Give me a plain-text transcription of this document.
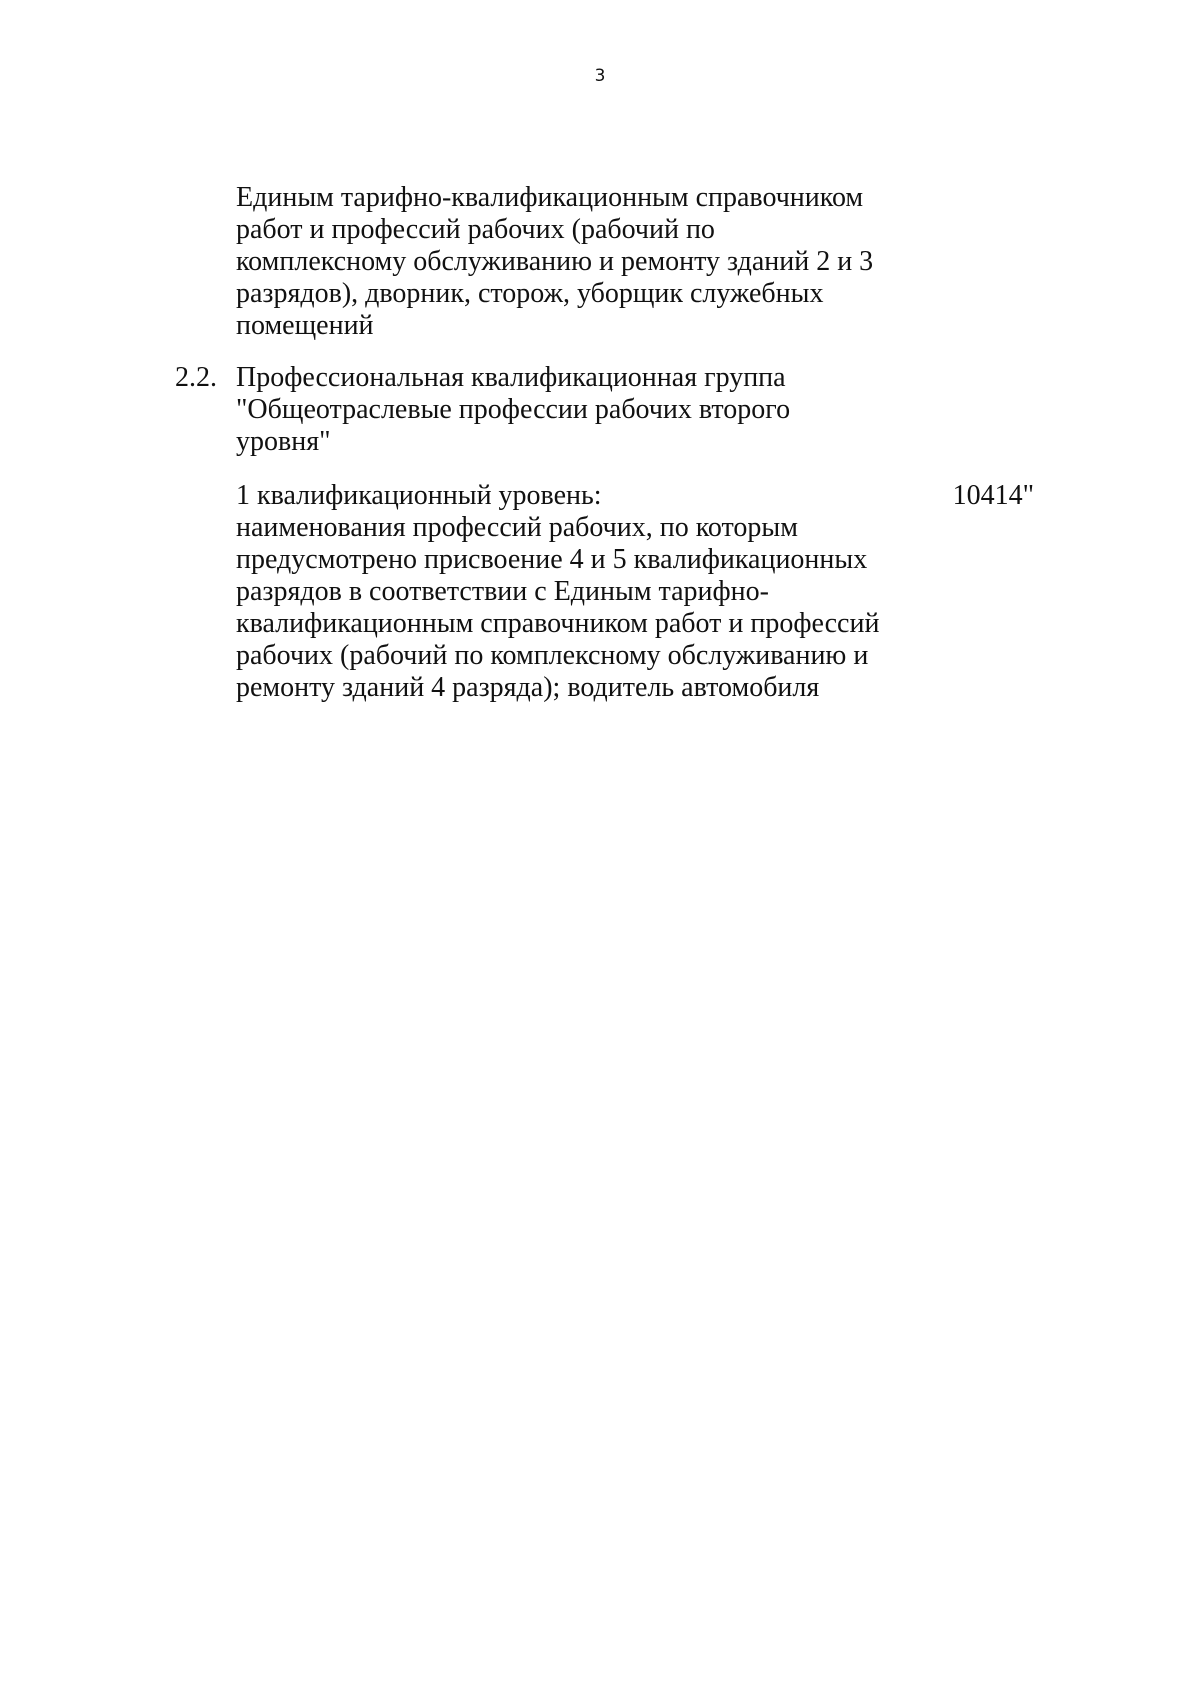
3
Единым тарифно-квалификационным справочником
работ и профессий рабочих (рабочий по
комплексному обслуживанию и ремонту зданий 2 и 3
разрядов), дворник, сторож, уборщик служебных
помещений
2.2. Профессиональная квалификационная группа
"Общеотраслевые профессии рабочих второго
уровня"
1 квалификационный уровень:
наименования профессий рабочих, по которым
предусмотрено присвоение 4 и 5 квалификационных
разрядов в соответствии с Единым тарифно-
квалификационным справочником работ и профессий
рабочих (рабочий по комплексному обслуживанию и
ремонту зданий 4 разряда); водитель автомобиля
10414"
